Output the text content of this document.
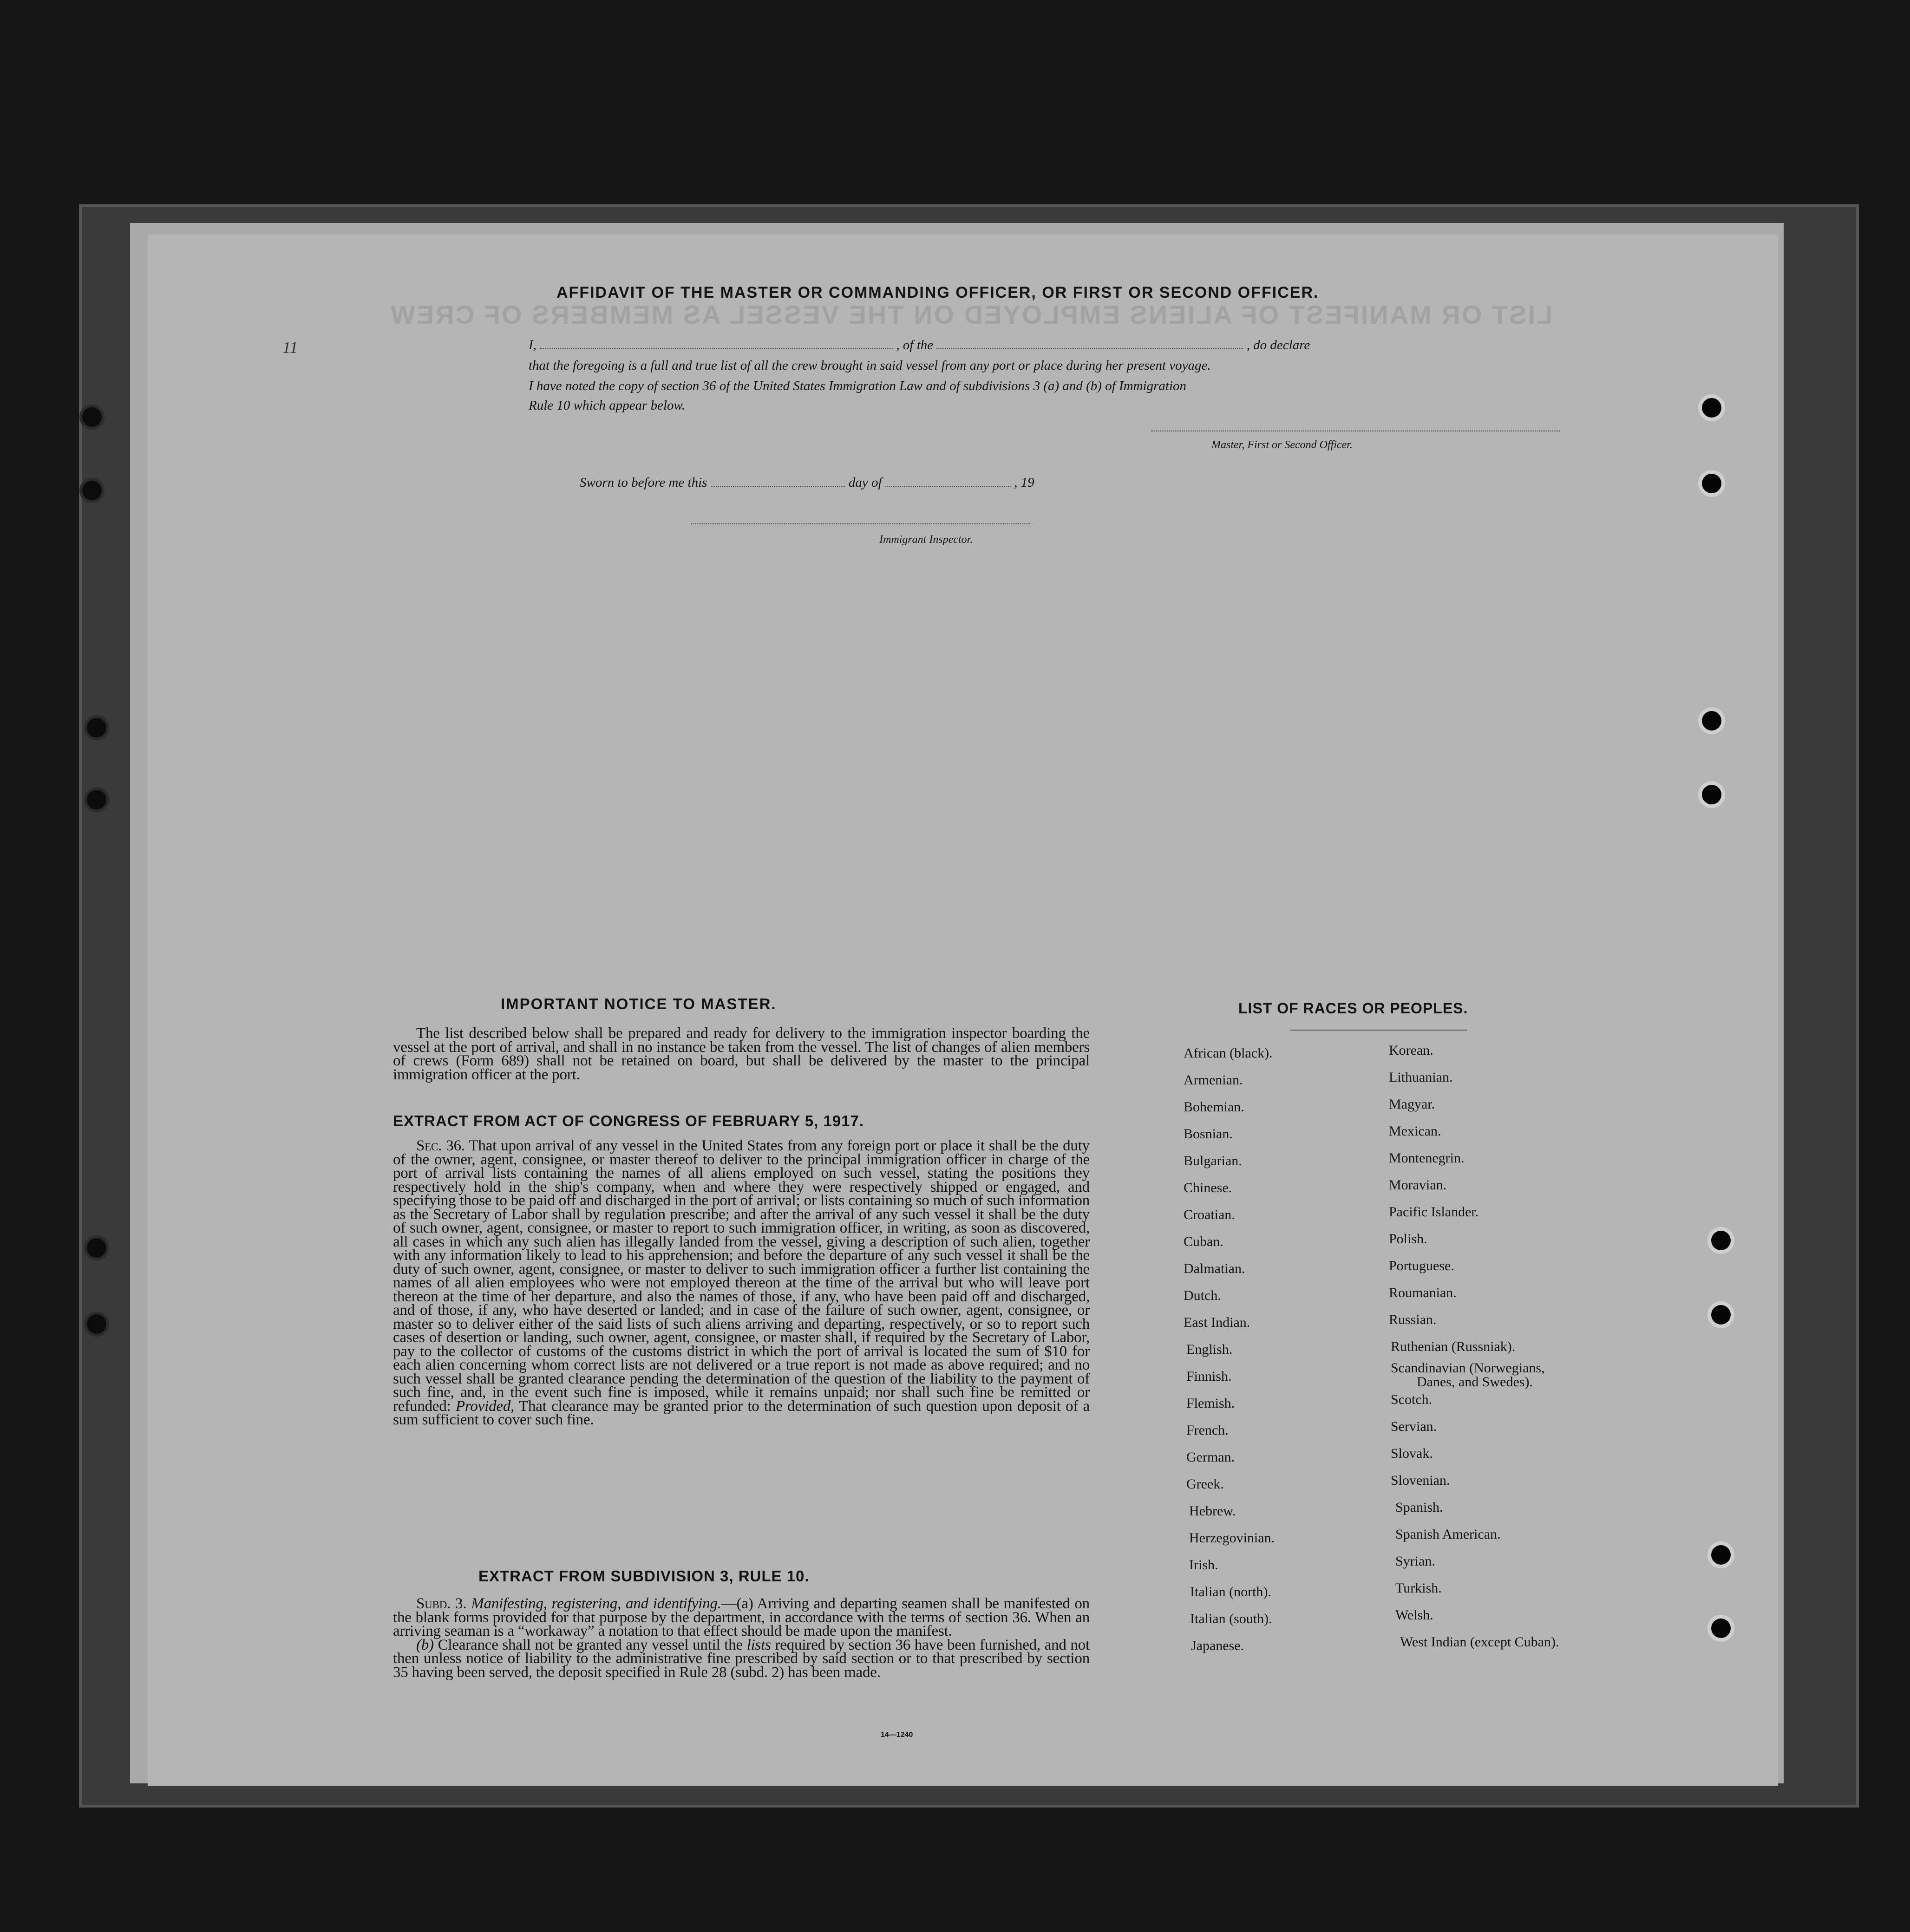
LIST OR MANIFEST OF ALIENS EMPLOYED ON THE VESSEL AS MEMBERS OF CREW
11
AFFIDAVIT OF THE MASTER OR COMMANDING OFFICER, OR FIRST OR SECOND OFFICER.
I,	, of the	, do declare
that the foregoing is a full and true list of all the crew brought in said vessel from any port or place during her present voyage.
I have noted the copy of section 36 of the United States Immigration Law and of subdivisions 3 (a) and (b) of Immigration
Rule 10 which appear below.
Master, First or Second Officer.
Sworn to before me this	day of	, 19
Immigrant Inspector.
IMPORTANT NOTICE TO MASTER.

The list described below shall be prepared and ready for delivery to the immigration inspector boarding the vessel at the port of arrival, and shall in no instance be taken from the vessel. The list of changes of alien members of crews (Form 689) shall not be retained on board, but shall be delivered by the master to the principal immigration officer at the port.

EXTRACT FROM ACT OF CONGRESS OF FEBRUARY 5, 1917.

Sec. 36. That upon arrival of any vessel in the United States from any foreign port or place it shall be the duty of the owner, agent, consignee, or master thereof to deliver to the principal immigration officer in charge of the port of arrival lists containing the names of all aliens employed on such vessel, stating the positions they respectively hold in the ship's company, when and where they were respectively shipped or engaged, and specifying those to be paid off and discharged in the port of arrival; or lists containing so much of such information as the Secretary of Labor shall by regulation prescribe; and after the arrival of any such vessel it shall be the duty of such owner, agent, consignee, or master to report to such immigration officer, in writing, as soon as discovered, all cases in which any such alien has illegally landed from the vessel, giving a description of such alien, together with any information likely to lead to his apprehension; and before the departure of any such vessel it shall be the duty of such owner, agent, consignee, or master to deliver to such immigration officer a further list containing the names of all alien employees who were not employed thereon at the time of the arrival but who will leave port thereon at the time of her departure, and also the names of those, if any, who have been paid off and discharged, and of those, if any, who have deserted or landed; and in case of the failure of such owner, agent, consignee, or master so to deliver either of the said lists of such aliens arriving and departing, respectively, or so to report such cases of desertion or landing, such owner, agent, consignee, or master shall, if required by the Secretary of Labor, pay to the collector of customs of the customs district in which the port of arrival is located the sum of $10 for each alien concerning whom correct lists are not delivered or a true report is not made as above required; and no such vessel shall be granted clearance pending the determination of the question of the liability to the payment of such fine, and, in the event such fine is imposed, while it remains unpaid; nor shall such fine be remitted or refunded: Provided, That clearance may be granted prior to the determination of such question upon deposit of a sum sufficient to cover such fine.

EXTRACT FROM SUBDIVISION 3, RULE 10.

Subd. 3. Manifesting, registering, and identifying.—(a) Arriving and departing seamen shall be manifested on the blank forms provided for that purpose by the department, in accordance with the terms of section 36. When an arriving seaman is a “workaway” a notation to that effect should be made upon the manifest.

(b) Clearance shall not be granted any vessel until the lists required by section 36 have been furnished, and not then unless notice of liability to the administrative fine prescribed by said section or to that prescribed by section 35 having been served, the deposit specified in Rule 28 (subd. 2) has been made.

14—1240
LIST OF RACES OR PEOPLES.
African (black).
Armenian.
Bohemian.
Bosnian.
Bulgarian.
Chinese.
Croatian.
Cuban.
Dalmatian.
Dutch.
East Indian.
English.
Finnish.
Flemish.
French.
German.
Greek.
Hebrew.
Herzegovinian.
Irish.
Italian (north).
Italian (south).
Japanese.
Korean.
Lithuanian.
Magyar.
Mexican.
Montenegrin.
Moravian.
Pacific Islander.
Polish.
Portuguese.
Roumanian.
Russian.
Ruthenian (Russniak).
Scandinavian (Norwegians,
Danes, and Swedes).
Scotch.
Servian.
Slovak.
Slovenian.
Spanish.
Spanish American.
Syrian.
Turkish.
Welsh.
West Indian (except Cuban).
